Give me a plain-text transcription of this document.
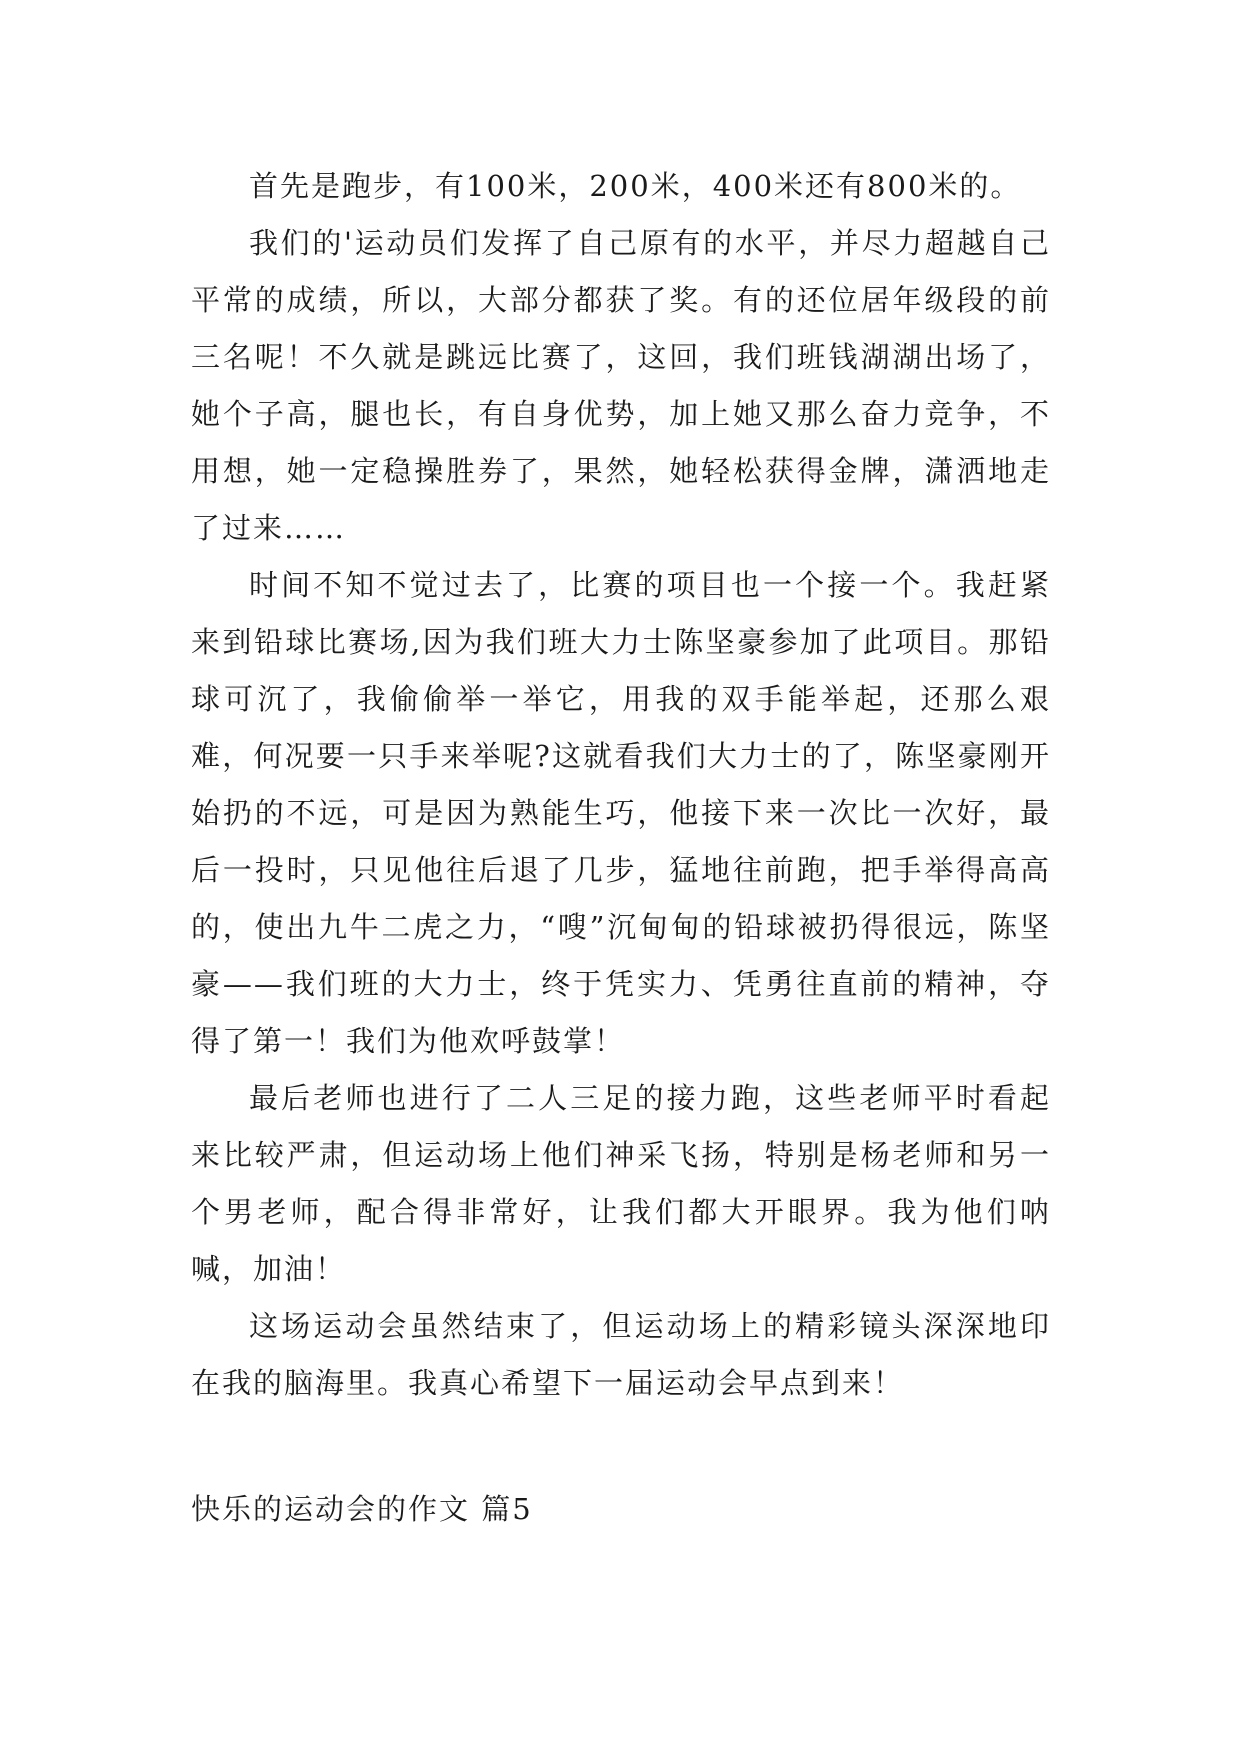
首先是跑步，有100米，200米，400米还有800米的。

我们的'运动员们发挥了自己原有的水平，并尽力超越自己平常的成绩，所以，大部分都获了奖。有的还位居年级段的前三名呢！不久就是跳远比赛了，这回，我们班钱湖湖出场了，她个子高，腿也长，有自身优势，加上她又那么奋力竞争，不用想，她一定稳操胜券了，果然，她轻松获得金牌，潇洒地走了过来……

时间不知不觉过去了，比赛的项目也一个接一个。我赶紧来到铅球比赛场,因为我们班大力士陈坚豪参加了此项目。那铅球可沉了，我偷偷举一举它，用我的双手能举起，还那么艰难，何况要一只手来举呢?这就看我们大力士的了，陈坚豪刚开始扔的不远，可是因为熟能生巧，他接下来一次比一次好，最后一投时，只见他往后退了几步，猛地往前跑，把手举得高高的，使出九牛二虎之力，“嗖”沉甸甸的铅球被扔得很远，陈坚豪——我们班的大力士，终于凭实力、凭勇往直前的精神，夺得了第一！我们为他欢呼鼓掌！

最后老师也进行了二人三足的接力跑，这些老师平时看起来比较严肃，但运动场上他们神采飞扬，特别是杨老师和另一个男老师，配合得非常好，让我们都大开眼界。我为他们呐喊，加油！

这场运动会虽然结束了，但运动场上的精彩镜头深深地印在我的脑海里。我真心希望下一届运动会早点到来！

快乐的运动会的作文 篇5
